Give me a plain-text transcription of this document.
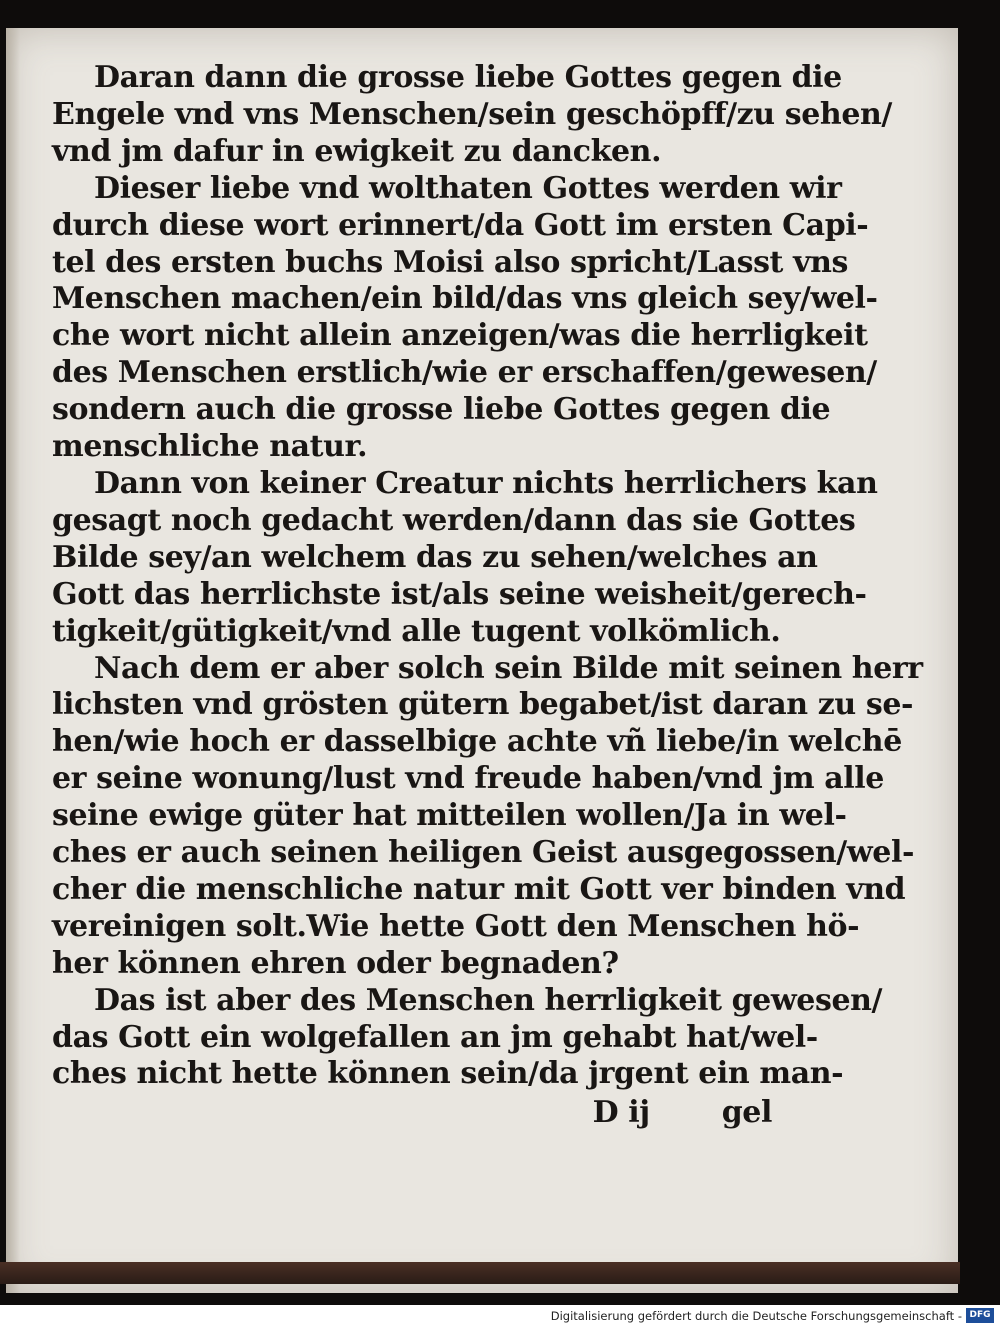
Daran dann die grosse liebe Gottes gegen die
Engele vnd vns Menschen/sein geschöpff/zu sehen/
vnd jm dafur in ewigkeit zu dancken.
Dieser liebe vnd wolthaten Gottes werden wir
durch diese wort erinnert/da Gott im ersten Capi-
tel des ersten buchs Moisi also spricht/Lasst vns
Menschen machen/ein bild/das vns gleich sey/wel-
che wort nicht allein anzeigen/was die herrligkeit
des Menschen erstlich/wie er erschaffen/gewesen/
sondern auch die grosse liebe Gottes gegen die
menschliche natur.
Dann von keiner Creatur nichts herrlichers kan
gesagt noch gedacht werden/dann das sie Gottes
Bilde sey/an welchem das zu sehen/welches an
Gott das herrlichste ist/als seine weisheit/gerech-
tigkeit/gütigkeit/vnd alle tugent volkömlich.
Nach dem er aber solch sein Bilde mit seinen herr
lichsten vnd grösten gütern begabet/ist daran zu se-
hen/wie hoch er dasselbige achte vñ liebe/in welchē
er seine wonung/lust vnd freude haben/vnd jm alle
seine ewige güter hat mitteilen wollen/Ja in wel-
ches er auch seinen heiligen Geist ausgegossen/wel-
cher die menschliche natur mit Gott ver binden vnd
vereinigen solt.Wie hette Gott den Menschen hö-
her können ehren oder begnaden?
Das ist aber des Menschen herrligkeit gewesen/
das Gott ein wolgefallen an jm gehabt hat/wel-
ches nicht hette können sein/da jrgent ein man-
D ij gel
Digitalisierung gefördert durch die Deutsche Forschungsgemeinschaft - DFG
